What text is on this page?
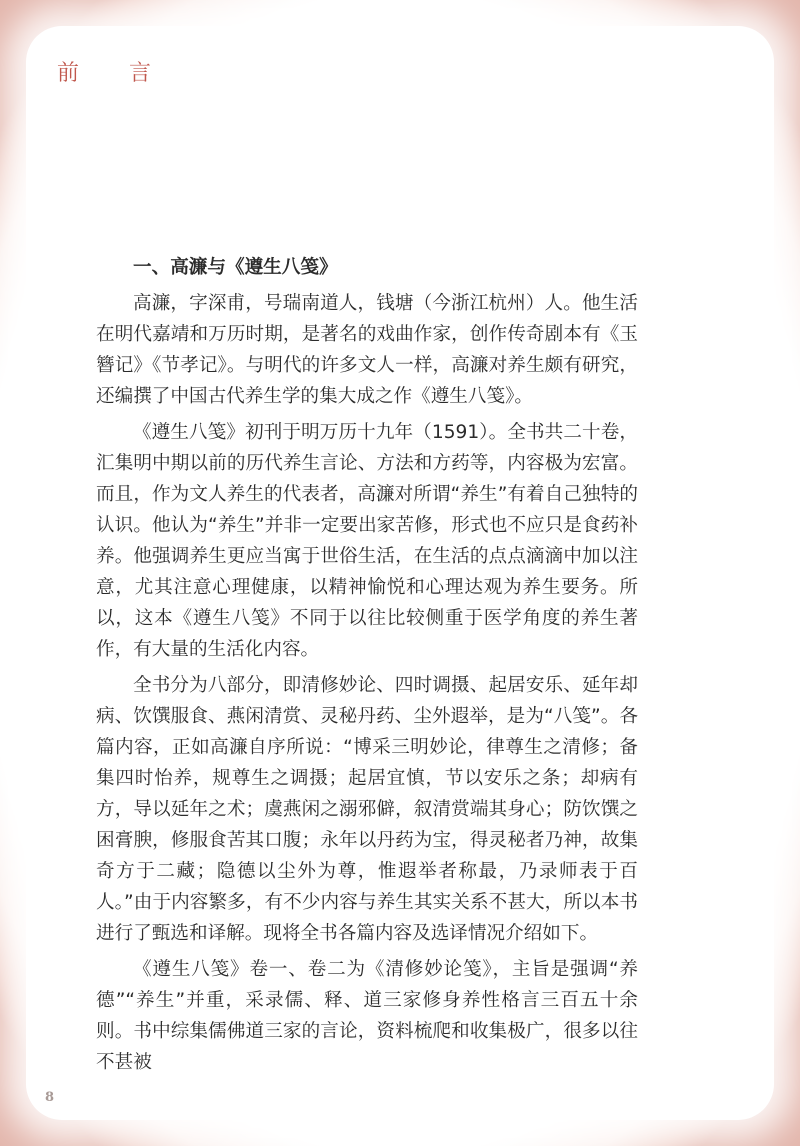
前　言
一、高濂与《遵生八笺》

高濂，字深甫，号瑞南道人，钱塘（今浙江杭州）人。他生活在明代嘉靖和万历时期，是著名的戏曲作家，创作传奇剧本有《玉簪记》《节孝记》。与明代的许多文人一样，高濂对养生颇有研究，还编撰了中国古代养生学的集大成之作《遵生八笺》。

《遵生八笺》初刊于明万历十九年（1591）。全书共二十卷，汇集明中期以前的历代养生言论、方法和方药等，内容极为宏富。而且，作为文人养生的代表者，高濂对所谓“养生”有着自己独特的认识。他认为“养生”并非一定要出家苦修，形式也不应只是食药补养。他强调养生更应当寓于世俗生活，在生活的点点滴滴中加以注意，尤其注意心理健康，以精神愉悦和心理达观为养生要务。所以，这本《遵生八笺》不同于以往比较侧重于医学角度的养生著作，有大量的生活化内容。

全书分为八部分，即清修妙论、四时调摄、起居安乐、延年却病、饮馔服食、燕闲清赏、灵秘丹药、尘外遐举，是为“八笺”。各篇内容，正如高濂自序所说：“博采三明妙论，律尊生之清修；备集四时怡养，规尊生之调摄；起居宜慎，节以安乐之条；却病有方，导以延年之术；虞燕闲之溺邪僻，叙清赏端其身心；防饮馔之困膏腴，修服食苦其口腹；永年以丹药为宝，得灵秘者乃神，故集奇方于二藏；隐德以尘外为尊，惟遐举者称最，乃录师表于百人。”由于内容繁多，有不少内容与养生其实关系不甚大，所以本书进行了甄选和译解。现将全书各篇内容及选译情况介绍如下。

《遵生八笺》卷一、卷二为《清修妙论笺》，主旨是强调“养德”“养生”并重，采录儒、释、道三家修身养性格言三百五十余则。书中综集儒佛道三家的言论，资料梳爬和收集极广，很多以往不甚被

8
